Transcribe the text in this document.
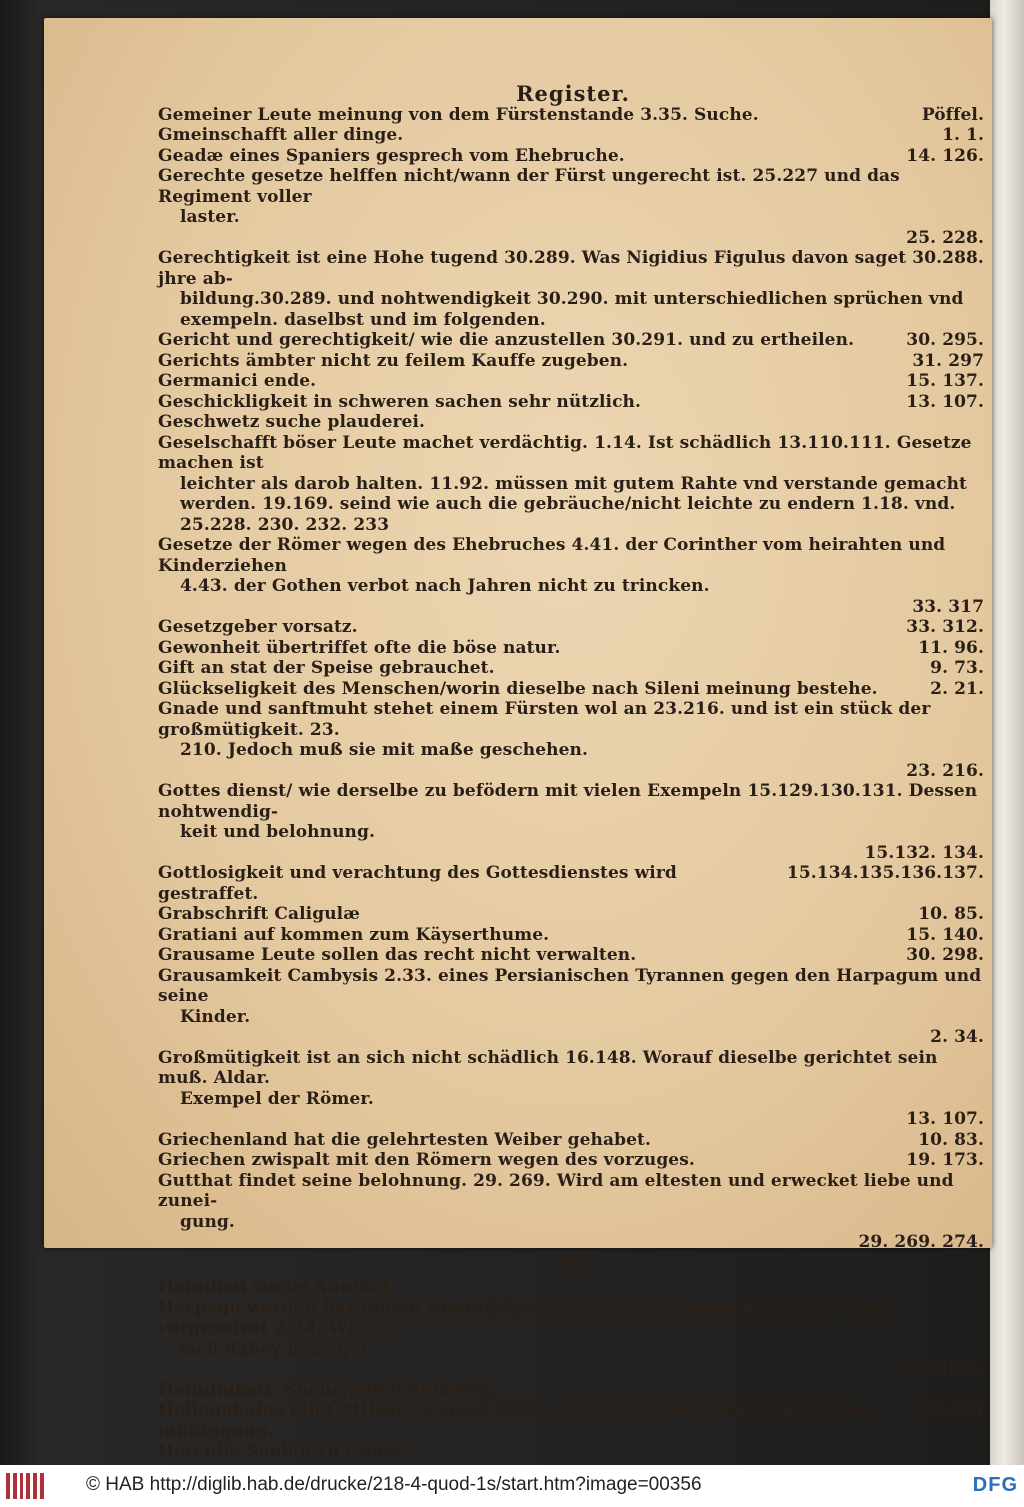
Register.
Pöffel.
Gemeiner Leute meinung von dem Fürstenstande 3.35. Suche.
1. 1.
Gmeinschafft aller dinge.
14. 126.
Geadæ eines Spaniers gesprech vom Ehebruche.
Gerechte gesetze helffen nicht/wann der Fürst ungerecht ist. 25.227 und das Regiment voller
laster.
25. 228.
Gerechtigkeit ist eine Hohe tugend 30.289. Was Nigidius Figulus davon saget 30.288. jhre ab-
bildung.30.289. und nohtwendigkeit 30.290. mit unterschiedlichen sprüchen vnd exempeln. daselbst und im folgenden.
30. 295.
Gericht und gerechtigkeit/ wie die anzustellen 30.291. und zu ertheilen.
31. 297
Gerichts ämbter nicht zu feilem Kauffe zugeben.
15. 137.
Germanici ende.
13. 107.
Geschickligkeit in schweren sachen sehr nützlich.
Geschwetz suche plauderei.
Geselschafft böser Leute machet verdächtig. 1.14. Ist schädlich 13.110.111. Gesetze machen ist
leichter als darob halten. 11.92. müssen mit gutem Rahte vnd verstande gemacht werden. 19.169. seind wie auch die gebräuche/nicht leichte zu endern 1.18. vnd. 25.228. 230. 232. 233
Gesetze der Römer wegen des Ehebruches 4.41. der Corinther vom heirahten und Kinderziehen
4.43. der Gothen verbot nach Jahren nicht zu trincken.
33. 317
33. 312.
Gesetzgeber vorsatz.
11. 96.
Gewonheit übertriffet ofte die böse natur.
9. 73.
Gift an stat der Speise gebrauchet.
2. 21.
Glückseligkeit des Menschen/worin dieselbe nach Sileni meinung bestehe.
Gnade und sanftmuht stehet einem Fürsten wol an 23.216. und ist ein stück der großmütigkeit. 23.
210. Jedoch muß sie mit maße geschehen.
23. 216.
Gottes dienst/ wie derselbe zu befödern mit vielen Exempeln 15.129.130.131. Dessen nohtwendig-
keit und belohnung.
15.132. 134.
15.134.135.136.137.
Gottlosigkeit und verachtung des Gottesdienstes wird gestraffet.
10. 85.
Grabschrift Caligulæ
15. 140.
Gratiani auf kommen zum Käyserthume.
30. 298.
Grausame Leute sollen das recht nicht verwalten.
Grausamkeit Cambysis 2.33. eines Persianischen Tyrannen gegen den Harpagum und seine
Kinder.
2. 34.
Großmütigkeit ist an sich nicht schädlich 16.148. Worauf dieselbe gerichtet sein muß. Aldar.
Exempel der Römer.
13. 107.
10. 83.
Griechenland hat die gelehrtesten Weiber gehabet.
19. 173.
Griechen zwispalt mit den Römern wegen des vorzuges.
Gutthat findet seine belohnung. 29. 269. Wird am eltesten und erwecket liebe und zunei-
gung.
29. 269. 274.
H.
Hannibal suche Annibal.
Harpago werden bey einem Königlichen Mahle seine eigene Kinder zu essen vorgesetzet 2.34. Wie er
sich dabey bezeiget.
daselbst.
Heimligkeit. Suche/geheimnüssen.
17.155
Heliogabalus ein Gottlöser Käyser 10.85. Was er zu thun befohlen vor den müßiggang.
Herculis Seulen zu Gades.
© HAB http://diglib.hab.de/drucke/218-4-quod-1s/start.htm?image=00356	DFG
